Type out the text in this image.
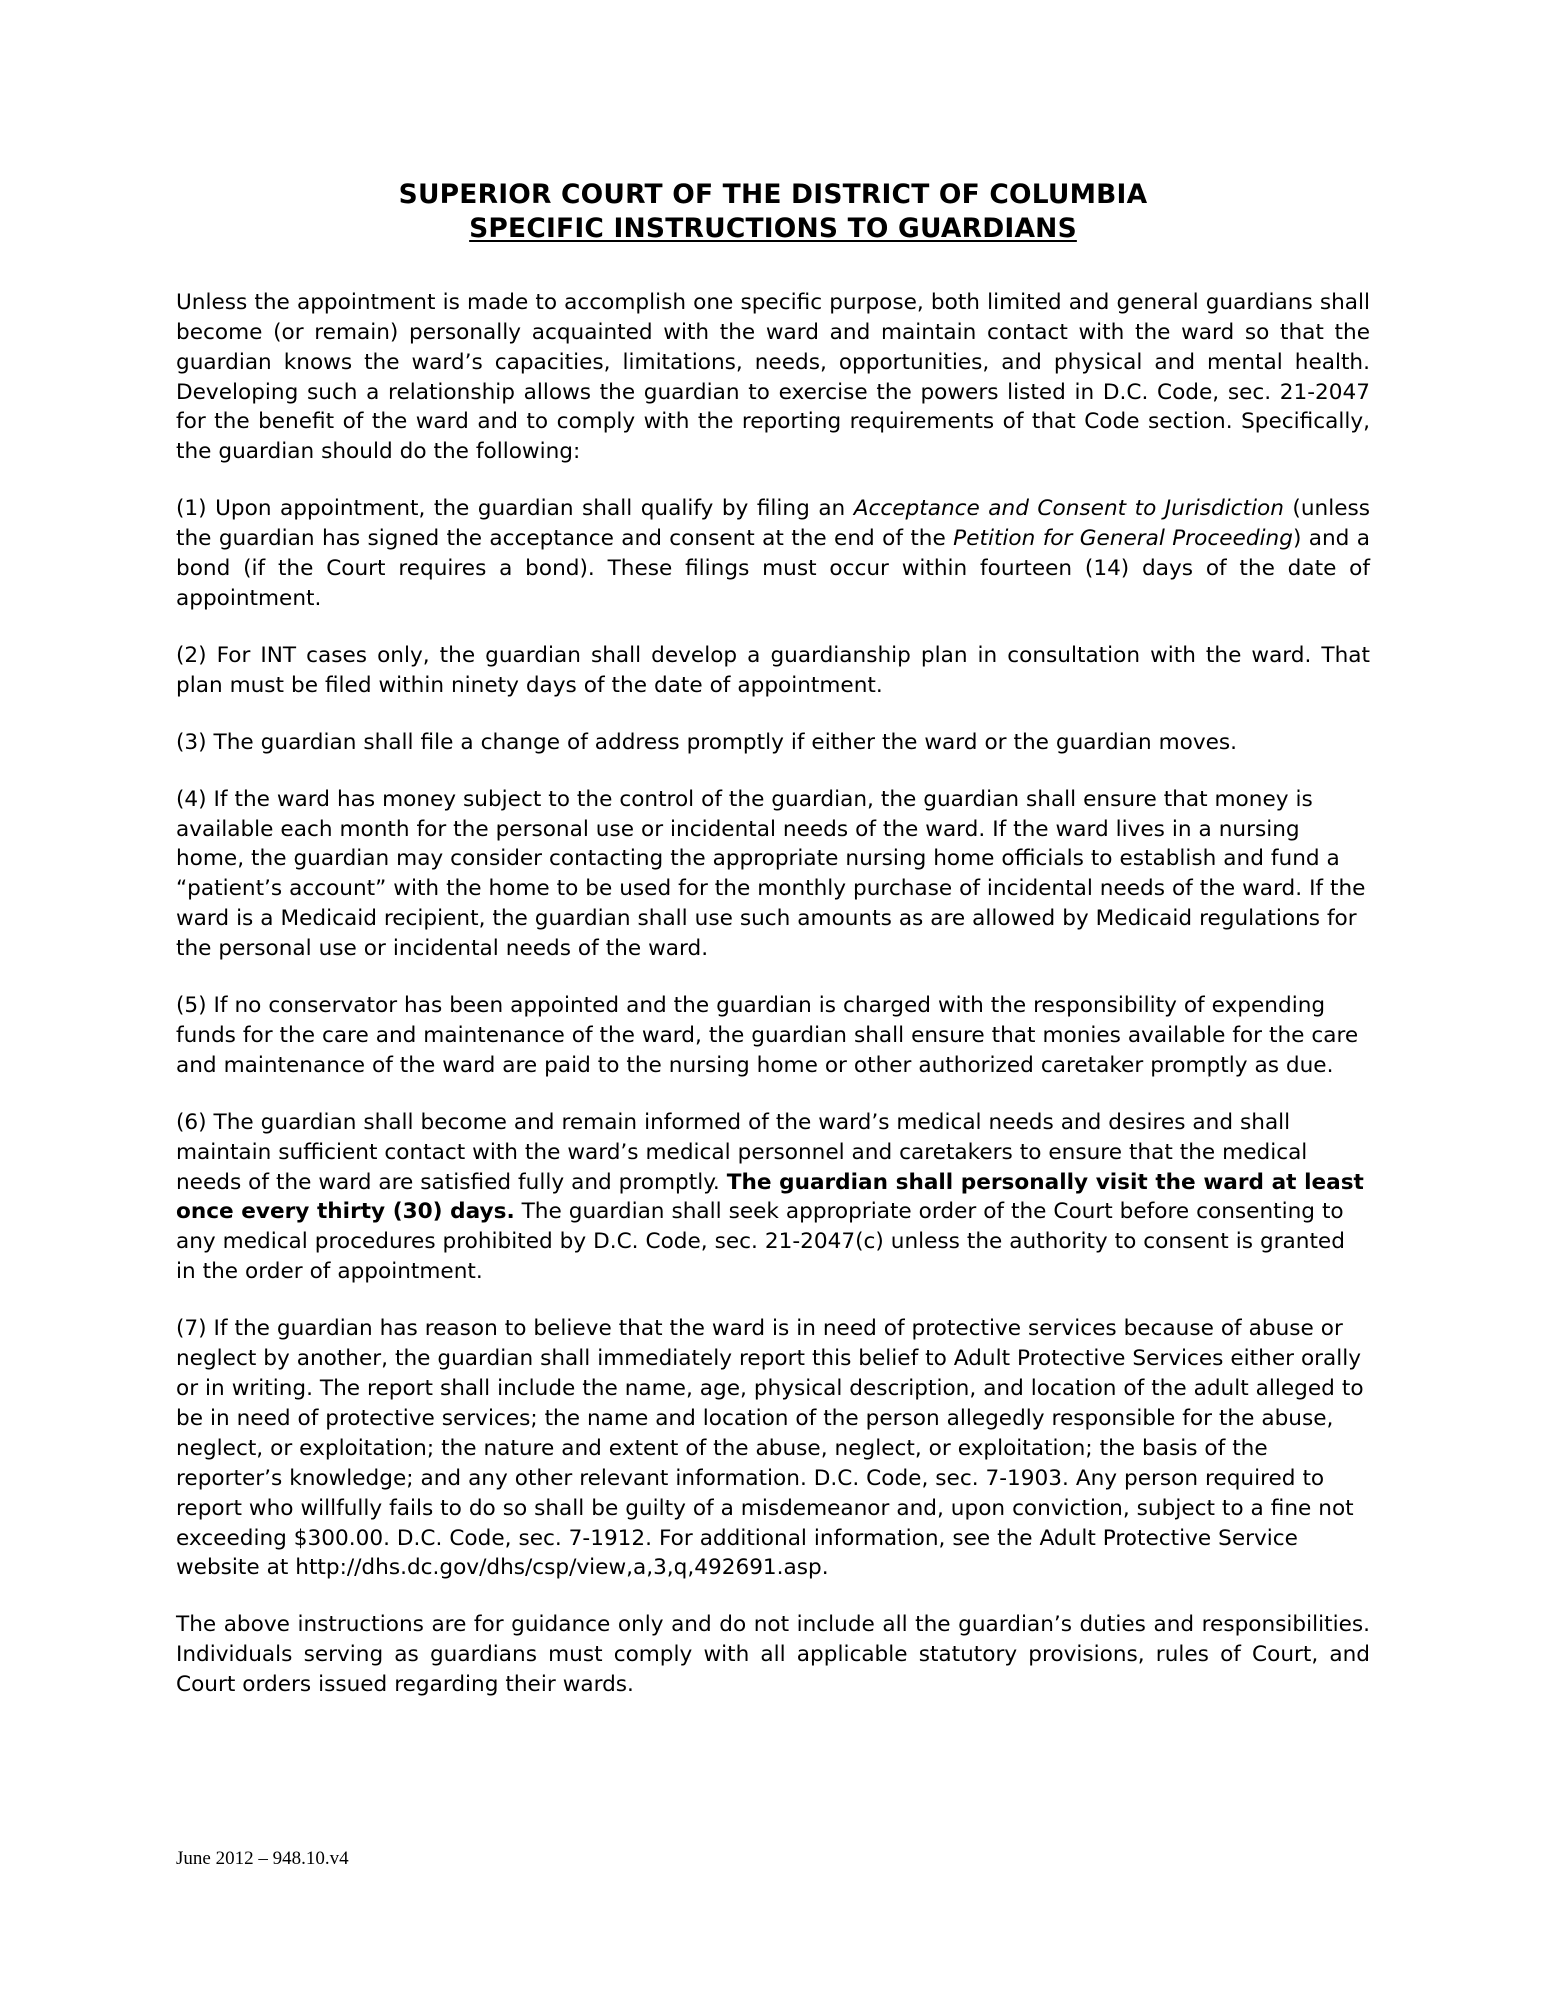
SUPERIOR COURT OF THE DISTRICT OF COLUMBIA
SPECIFIC INSTRUCTIONS TO GUARDIANS

Unless the appointment is made to accomplish one specific purpose, both limited and general guardians shall become (or remain) personally acquainted with the ward and maintain contact with the ward so that the guardian knows the ward’s capacities, limitations, needs, opportunities, and physical and mental health. Developing such a relationship allows the guardian to exercise the powers listed in D.C. Code, sec. 21-2047 for the benefit of the ward and to comply with the reporting requirements of that Code section. Specifically, the guardian should do the following:

(1) Upon appointment, the guardian shall qualify by filing an Acceptance and Consent to Jurisdiction (unless the guardian has signed the acceptance and consent at the end of the Petition for General Proceeding) and a bond (if the Court requires a bond). These filings must occur within fourteen (14) days of the date of appointment.

(2) For INT cases only, the guardian shall develop a guardianship plan in consultation with the ward. That plan must be filed within ninety days of the date of appointment.

(3) The guardian shall file a change of address promptly if either the ward or the guardian moves.

(4) If the ward has money subject to the control of the guardian, the guardian shall ensure that money is available each month for the personal use or incidental needs of the ward. If the ward lives in a nursing home, the guardian may consider contacting the appropriate nursing home officials to establish and fund a “patient’s account” with the home to be used for the monthly purchase of incidental needs of the ward. If the ward is a Medicaid recipient, the guardian shall use such amounts as are allowed by Medicaid regulations for the personal use or incidental needs of the ward.

(5) If no conservator has been appointed and the guardian is charged with the responsibility of expending funds for the care and maintenance of the ward, the guardian shall ensure that monies available for the care and maintenance of the ward are paid to the nursing home or other authorized caretaker promptly as due.

(6) The guardian shall become and remain informed of the ward’s medical needs and desires and shall maintain sufficient contact with the ward’s medical personnel and caretakers to ensure that the medical needs of the ward are satisfied fully and promptly. The guardian shall personally visit the ward at least once every thirty (30) days. The guardian shall seek appropriate order of the Court before consenting to any medical procedures prohibited by D.C. Code, sec. 21-2047(c) unless the authority to consent is granted in the order of appointment.

(7) If the guardian has reason to believe that the ward is in need of protective services because of abuse or neglect by another, the guardian shall immediately report this belief to Adult Protective Services either orally or in writing. The report shall include the name, age, physical description, and location of the adult alleged to be in need of protective services; the name and location of the person allegedly responsible for the abuse, neglect, or exploitation; the nature and extent of the abuse, neglect, or exploitation; the basis of the reporter’s knowledge; and any other relevant information. D.C. Code, sec. 7-1903. Any person required to report who willfully fails to do so shall be guilty of a misdemeanor and, upon conviction, subject to a fine not exceeding $300.00. D.C. Code, sec. 7-1912. For additional information, see the Adult Protective Service website at http://dhs.dc.gov/dhs/csp/view,a,3,q,492691.asp.

The above instructions are for guidance only and do not include all the guardian’s duties and responsibilities. Individuals serving as guardians must comply with all applicable statutory provisions, rules of Court, and Court orders issued regarding their wards.

June 2012 – 948.10.v4
